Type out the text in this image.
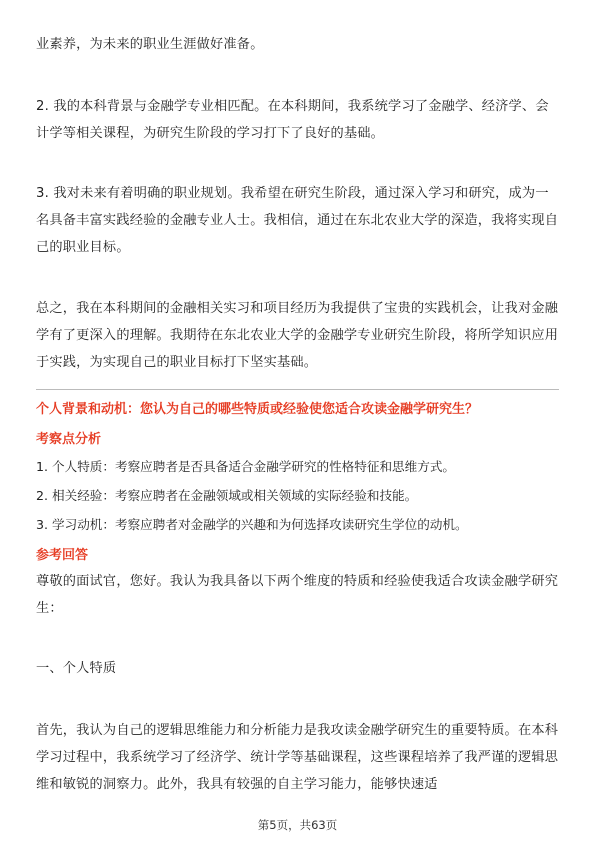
业素养，为未来的职业生涯做好准备。

2. 我的本科背景与金融学专业相匹配。在本科期间，我系统学习了金融学、经济学、会计学等相关课程，为研究生阶段的学习打下了良好的基础。

3. 我对未来有着明确的职业规划。我希望在研究生阶段，通过深入学习和研究，成为一名具备丰富实践经验的金融专业人士。我相信，通过在东北农业大学的深造，我将实现自己的职业目标。

总之，我在本科期间的金融相关实习和项目经历为我提供了宝贵的实践机会，让我对金融学有了更深入的理解。我期待在东北农业大学的金融学专业研究生阶段，将所学知识应用于实践，为实现自己的职业目标打下坚实基础。

个人背景和动机：您认为自己的哪些特质或经验使您适合攻读金融学研究生？
考察点分析
1. 个人特质：考察应聘者是否具备适合金融学研究的性格特征和思维方式。
2. 相关经验：考察应聘者在金融领域或相关领域的实际经验和技能。
3. 学习动机：考察应聘者对金融学的兴趣和为何选择攻读研究生学位的动机。
参考回答

尊敬的面试官，您好。我认为我具备以下两个维度的特质和经验使我适合攻读金融学研究生：

一、个人特质

首先，我认为自己的逻辑思维能力和分析能力是我攻读金融学研究生的重要特质。在本科学习过程中，我系统学习了经济学、统计学等基础课程，这些课程培养了我严谨的逻辑思维和敏锐的洞察力。此外，我具有较强的自主学习能力，能够快速适

第5页，共63页
